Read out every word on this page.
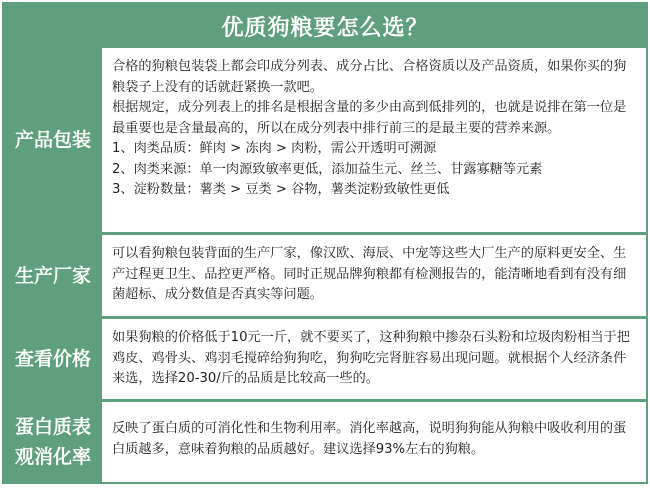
优质狗粮要怎么选？
产品包装

合格的狗粮包装袋上都会印成分列表、成分占比、合格资质以及产品资质，如果你买的狗粮袋子上没有的话就赶紧换一款吧。

根据规定，成分列表上的排名是根据含量的多少由高到低排列的，也就是说排在第一位是最重要也是含量最高的，所以在成分列表中排行前三的是最主要的营养来源。

1、肉类品质：鲜肉 > 冻肉 > 肉粉，需公开透明可溯源

2、肉类来源：单一肉源致敏率更低，添加益生元、丝兰、甘露寡糖等元素

3、淀粉数量：薯类 > 豆类 > 谷物，薯类淀粉致敏性更低

生产厂家

可以看狗粮包装背面的生产厂家，像汉欧、海辰、中宠等这些大厂生产的原料更安全、生产过程更卫生、品控更严格。同时正规品牌狗粮都有检测报告的，能清晰地看到有没有细菌超标、成分数值是否真实等问题。

查看价格

如果狗粮的价格低于10元一斤，就不要买了，这种狗粮中掺杂石头粉和垃圾肉粉相当于把鸡皮、鸡骨头、鸡羽毛搅碎给狗狗吃，狗狗吃完肾脏容易出现问题。就根据个人经济条件来选，选择20-30/斤的品质是比较高一些的。

蛋白质表
观消化率

反映了蛋白质的可消化性和生物利用率。消化率越高，说明狗狗能从狗粮中吸收利用的蛋白质越多，意味着狗粮的品质越好。建议选择93%左右的狗粮。
